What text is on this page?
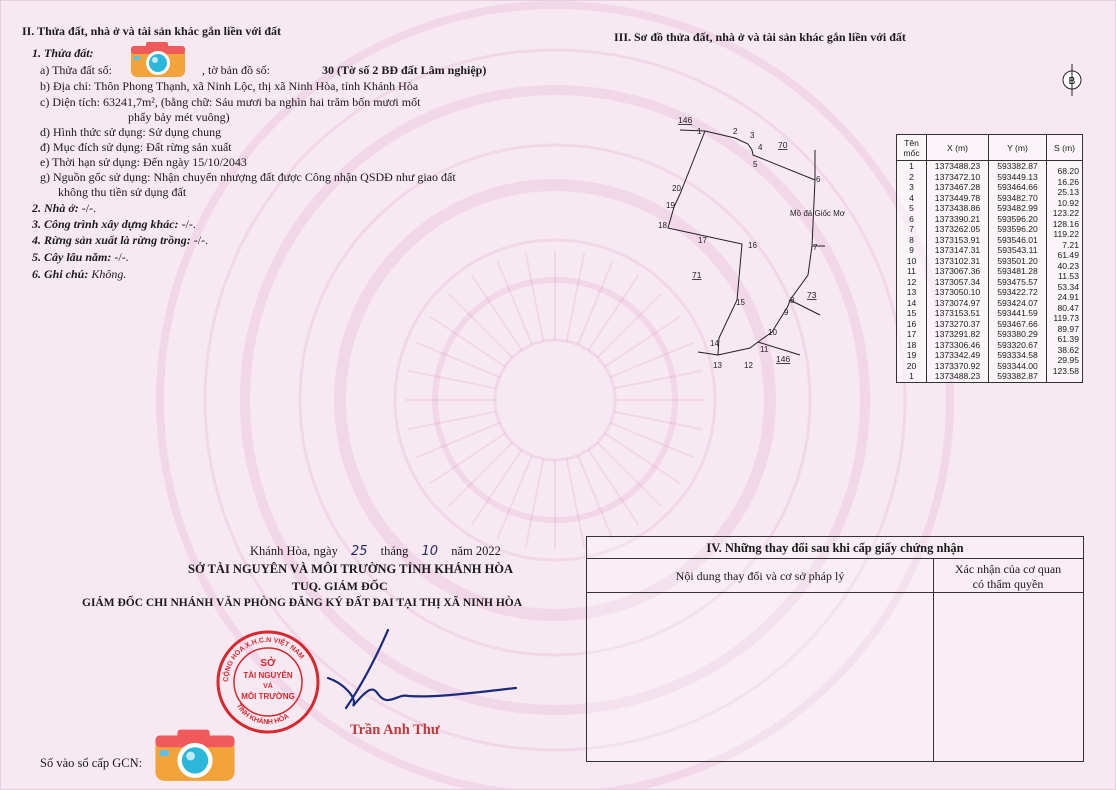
II. Thửa đất, nhà ở và tài sản khác gắn liền với đất
1. Thửa đất:
a) Thửa đất số:	, tờ bản đồ số:	30 (Tờ số 2 BĐ đất Lâm nghiệp)
b) Địa chỉ: Thôn Phong Thạnh, xã Ninh Lộc, thị xã Ninh Hòa, tỉnh Khánh Hòa
c) Diện tích: 63241,7m², (bằng chữ: Sáu mươi ba nghìn hai trăm bốn mươi mốt
phẩy bảy mét vuông)
d) Hình thức sử dụng: Sử dụng chung
đ) Mục đích sử dụng: Đất rừng sản xuất
e) Thời hạn sử dụng: Đến ngày 15/10/2043
g) Nguồn gốc sử dụng: Nhận chuyển nhượng đất được Công nhận QSDĐ như giao đất
không thu tiền sử dụng đất
2. Nhà ở: -/-.
3. Công trình xây dựng khác: -/-.
4. Rừng sản xuất là rừng trồng: -/-.
5. Cây lâu năm: -/-.
6. Ghi chú: Không.
III. Sơ đồ thửa đất, nhà ở và tài sản khác gắn liền với đất
B
146
70
71
73
146
Mồ đá Giốc Mơ
1	2 3
4
5
6
7
8
9
10
11
12
13
14
15
16
17
18
19
20
Tên mốc	X (m)	Y (m)	S (m)
1	1373488.23	593382.87	68.20
2	1373472.10	593449.13	16.26
3	1373467.28	593464.66	25.13
4	1373449.78	593482.70	10.92
5	1373438.86	593482.99	123.22
6	1373390.21	593596.20	128.16
7	1373262.05	593596.20	119.22
8	1373153.91	593546.01	7.21
9	1373147.31	593543.11	61.49
10	1373102.31	593501.20	40.23
11	1373067.36	593481.28	11.53
12	1373057.34	593475.57	53.34
13	1373050.10	593422.72	24.91
14	1373074.97	593424.07	80.47
15	1373153.51	593441.59	119.73
16	1373270.37	593467.66	89.97
17	1373291.82	593380.29	61.39
18	1373306.46	593320.67	38.62
19	1373342.49	593334.58	29.95
20	1373370.92	593344.00	123.58
1	1373488.23	593382.87	
Khánh Hòa, ngày 25 tháng 10 năm 2022
SỞ TÀI NGUYÊN VÀ MÔI TRƯỜNG TỈNH KHÁNH HÒA
TUQ. GIÁM ĐỐC
GIÁM ĐỐC CHI NHÁNH VĂN PHÒNG ĐĂNG KÝ ĐẤT ĐAI TẠI THỊ XÃ NINH HÒA
CỘNG HÒA X.H.C.N VIỆT NAM
TỈNH KHÁNH HÒA
SỞ
TÀI NGUYÊN
VÀ
MÔI TRƯỜNG
Trần Anh Thư
Số vào sổ cấp GCN:
IV. Những thay đổi sau khi cấp giấy chứng nhận
Nội dung thay đổi và cơ sở pháp lý	Xác nhận của cơ quan
có thẩm quyền
